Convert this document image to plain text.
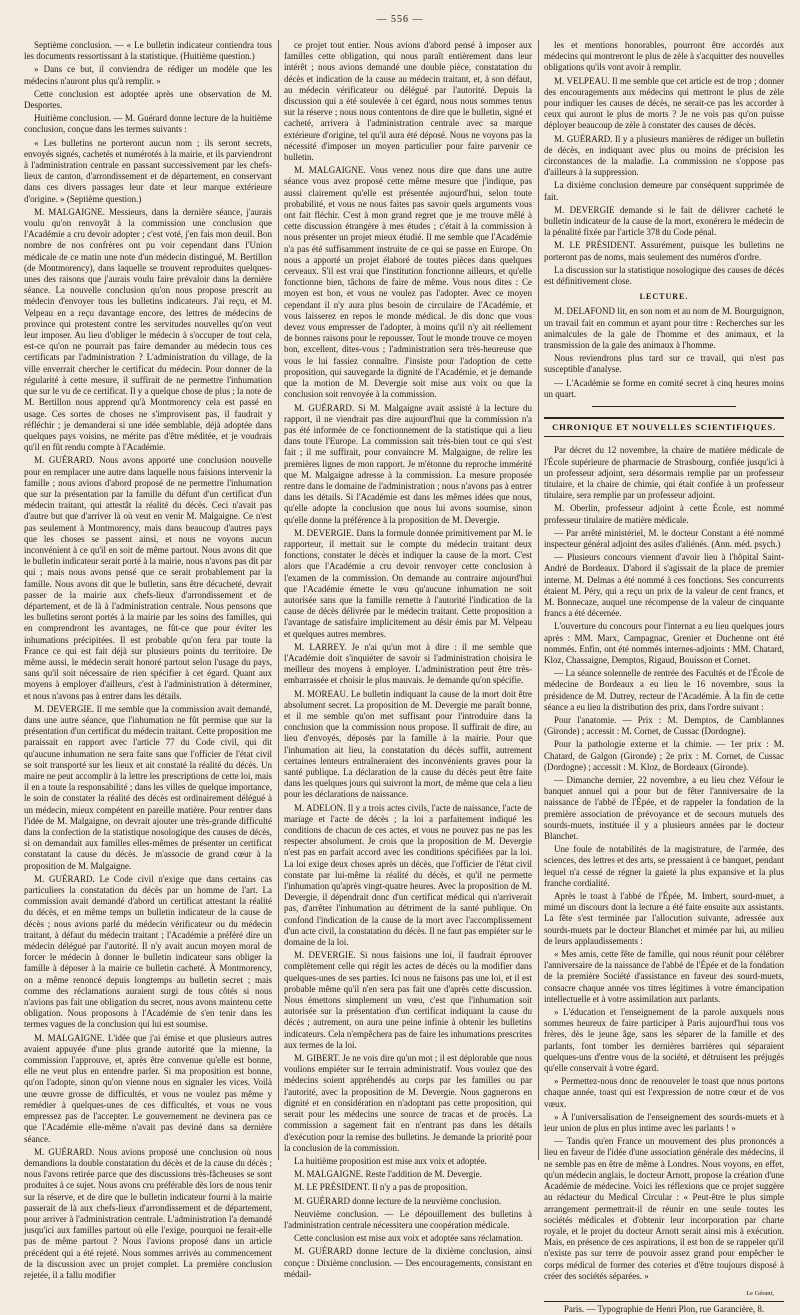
— 556 —

Septième conclusion. — « Le bulletin indicateur contiendra tous les documents ressortissant à la statistique. (Huitième question.)

» Dans ce but, il conviendra de rédiger un modèle que les médecins n'auront plus qu'à remplir. »

Cette conclusion est adoptée après une observation de M. Desportes.

Huitième conclusion. — M. Guérard donne lecture de la huitième conclusion, conçue dans les termes suivants :

« Les bulletins ne porteront aucun nom ; ils seront secrets, envoyés signés, cachetés et numérotés à la mairie, et ils parviendront à l'administration centrale en passant successivement par les chefs-lieux de canton, d'arrondissement et de département, en conservant dans ces divers passages leur date et leur marque extérieure d'origine. » (Septième question.)

M. MALGAIGNE. Messieurs, dans la dernière séance, j'aurais voulu qu'on renvoyât à la commission une conclusion que l'Académie a cru devoir adopter ; c'est voté, j'en fais mon deuil. Bon nombre de nos confrères ont pu voir cependant dans l'Union médicale de ce matin une note d'un médecin distingué, M. Bertillon (de Montmorency), dans laquelle se trouvent reproduites quelques-unes des raisons que j'aurais voulu faire prévaloir dans la dernière séance. La nouvelle conclusion qu'on nous propose prescrit au médecin d'envoyer tous les bulletins indicateurs. J'ai reçu, et M. Velpeau en a reçu davantage encore, des lettres de médecins de province qui protestent contre les servitudes nouvelles qu'on veut leur imposer. Au lieu d'obliger le médecin à s'occuper de tout cela, est-ce qu'on ne pourrait pas faire demander au médecin tous ces certificats par l'administration ? L'administration du village, de la ville enverrait chercher le certificat du médecin. Pour donner de la régularité à cette mesure, il suffirait de ne permettre l'inhumation que sur le vu de ce certificat. Il y a quelque chose de plus ; la note de M. Bertillon nous apprend qu'à Montmorency cela est passé en usage. Ces sortes de choses ne s'improvisent pas, il faudrait y réfléchir ; je demanderai si une idée semblable, déjà adoptée dans quelques pays voisins, ne mérite pas d'être méditée, et je voudrais qu'il en fût rendu compte à l'Académie.

M. GUÉRARD. Nous avons apporté une conclusion nouvelle pour en remplacer une autre dans laquelle nous faisions intervenir la famille ; nous avions d'abord proposé de ne permettre l'inhumation que sur la présentation par la famille du défunt d'un certificat d'un médecin traitant, qui attestât la réalité du décès. Ceci n'avait pas d'autre but que d'arriver là où veut en venir M. Malgaigne. Ce n'est pas seulement à Montmorency, mais dans beaucoup d'autres pays que les choses se passent ainsi, et nous ne voyons aucun inconvénient à ce qu'il en soit de même partout. Nous avons dit que le bulletin indicateur serait porté à la mairie, nous n'avons pas dit par qui ; mais nous avons pensé que ce serait probablement par la famille. Nous avons dit que le bulletin, sans être décacheté, devrait passer de la mairie aux chefs-lieux d'arrondissement et de département, et de là à l'administration centrale. Nous pensons que les bulletins seront portés à la mairie par les soins des familles, qui en comprendront les avantages, ne fût-ce que pour éviter les inhumations précipitées. Il est probable qu'on fera par toute la France ce qui est fait déjà sur plusieurs points du territoire. De même aussi, le médecin serait honoré partout selon l'usage du pays, sans qu'il soit nécessaire de rien spécifier à cet égard. Quant aux moyens à employer d'ailleurs, c'est à l'administration à déterminer, et nous n'avons pas à entrer dans les détails.

M. DEVERGIE. Il me semble que la commission avait demandé, dans une autre séance, que l'inhumation ne fût permise que sur la présentation d'un certificat du médecin traitant. Cette proposition me paraissait en rapport avec l'article 77 du Code civil, qui dit qu'aucune inhumation ne sera faite sans que l'officier de l'état civil se soit transporté sur les lieux et ait constaté la réalité du décès. Un maire ne peut accomplir à la lettre les prescriptions de cette loi, mais il en a toute la responsabilité ; dans les villes de quelque importance, le soin de constater la réalité des décès est ordinairement délégué à un médecin, mieux compétent en pareille matière. Pour rentrer dans l'idée de M. Malgaigne, on devrait ajouter une très-grande difficulté dans la confection de la statistique nosologique des causes de décès, si on demandait aux familles elles-mêmes de présenter un certificat constatant la cause du décès. Je m'associe de grand cœur à la proposition de M. Malgaigne.

M. GUÉRARD. Le Code civil n'exige que dans certains cas particuliers la constatation du décès par un homme de l'art. La commission avait demandé d'abord un certificat attestant la réalité du décès, et en même temps un bulletin indicateur de la cause de décès ; nous avions parlé du médecin vérificateur ou du médecin traitant, à défaut du médecin traitant ; l'Académie a préféré dire un médecin délégué par l'autorité. Il n'y avait aucun moyen moral de forcer le médecin à donner le bulletin indicateur sans obliger la famille à déposer à la mairie ce bulletin cacheté. À Montmorency, on a même renoncé depuis longtemps au bulletin secret ; mais comme des réclamations auraient surgi de tous côtés si nous n'avions pas fait une obligation du secret, nous avons maintenu cette obligation. Nous proposons à l'Académie de s'en tenir dans les termes vagues de la conclusion qui lui est soumise.

M. MALGAIGNE. L'idée que j'ai émise et que plusieurs autres avaient appuyée d'une plus grande autorité que la mienne, la commission l'approuve, et, après être convenue qu'elle est bonne, elle ne veut plus en entendre parler. Si ma proposition est bonne, qu'on l'adopte, sinon qu'on vienne nous en signaler les vices. Voilà une œuvre grosse de difficultés, et vous ne voulez pas même y remédier à quelques-unes de ces difficultés, et vous ne vous empressez pas de l'accepter. Le gouvernement ne devinera pas ce que l'Académie elle-même n'avait pas deviné dans sa dernière séance.

M. GUÉRARD. Nous avions proposé une conclusion où nous demandions la double constatation du décès et de la cause du décès ; nous l'avons retirée parce que des discussions très-fâcheuses se sont produites à ce sujet. Nous avons cru préférable dès lors de nous tenir sur la réserve, et de dire que le bulletin indicateur fourni à la mairie passerait de là aux chefs-lieux d'arrondissement et de département, pour arriver à l'administration centrale. L'administration l'a demandé jusqu'ici aux familles partout où elle l'exige, pourquoi ne ferait-elle pas de même partout ? Nous l'avions proposé dans un article précédent qui a été rejeté. Nous sommes arrivés au commencement de la discussion avec un projet complet. La première conclusion rejetée, il a fallu modifier

ce projet tout entier. Nous avions d'abord pensé à imposer aux familles cette obligation, qui nous paraît entièrement dans leur intérêt ; nous avions demandé une double pièce, constatation du décès et indication de la cause au médecin traitant, et, à son défaut, au médecin vérificateur ou délégué par l'autorité. Depuis la discussion qui a été soulevée à cet égard, nous nous sommes tenus sur la réserve ; nous nous contentons de dire que le bulletin, signé et cacheté, arrivera à l'administration centrale avec sa marque extérieure d'origine, tel qu'il aura été déposé. Nous ne voyons pas la nécessité d'imposer un moyen particulier pour faire parvenir ce bulletin.

M. MALGAIGNE. Vous venez nous dire que dans une autre séance vous avez proposé cette même mesure que j'indique, pas aussi clairement qu'elle est présentée aujourd'hui, selon toute probabilité, et vous ne nous faites pas savoir quels arguments vous ont fait fléchir. C'est à mon grand regret que je me trouve mêlé à cette discussion étrangère à mes études ; c'était à la commission à nous présenter un projet mieux étudié. Il me semble que l'Académie n'a pas été suffisamment instruite de ce qui se passe en Europe. On nous a apporté un projet élaboré de toutes pièces dans quelques cerveaux. S'il est vrai que l'institution fonctionne ailleurs, et qu'elle fonctionne bien, tâchons de faire de même. Vous nous dites : Ce moyen est bon, et vous ne voulez pas l'adopter. Avec ce moyen cependant il n'y aura plus besoin de circulaire de l'Académie, et vous laisserez en repos le monde médical. Je dis donc que vous devez vous empresser de l'adopter, à moins qu'il n'y ait réellement de bonnes raisons pour le repousser. Tout le monde trouve ce moyen bon, excellent, dites-vous ; l'administration sera très-heureuse que vous le lui fassiez connaître. J'insiste pour l'adoption de cette proposition, qui sauvegarde la dignité de l'Académie, et je demande que la motion de M. Devergie soit mise aux voix ou que la conclusion soit renvoyée à la commission.

M. GUÉRARD. Si M. Malgaigne avait assisté à la lecture du rapport, il ne viendrait pas dire aujourd'hui que la commission n'a pas été informée de ce fonctionnement de la statistique qui a lieu dans toute l'Europe. La commission sait très-bien tout ce qui s'est fait ; il me suffirait, pour convaincre M. Malgaigne, de relire les premières lignes de mon rapport. Je m'étonne du reproche immérité que M. Malgaigne adresse à la commission. La mesure proposée rentre dans le domaine de l'administration ; nous n'avons pas à entrer dans les détails. Si l'Académie est dans les mêmes idées que nous, qu'elle adopte la conclusion que nous lui avons soumise, sinon qu'elle donne la préférence à la proposition de M. Devergie.

M. DEVERGIE. Dans la formule donnée primitivement par M. le rapporteur, il mettait sur le compte du médecin traitant deux fonctions, constater le décès et indiquer la cause de la mort. C'est alors que l'Académie a cru devoir renvoyer cette conclusion à l'examen de la commission. On demande au contraire aujourd'hui que l'Académie émette le vœu qu'aucune inhumation ne soit autorisée sans que la famille remette à l'autorité l'indication de la cause de décès délivrée par le médecin traitant. Cette proposition a l'avantage de satisfaire implicitement au désir émis par M. Velpeau et quelques autres membres.

M. LARREY. Je n'ai qu'un mot à dire : il me semble que l'Académie doit s'inquiéter de savoir si l'administration choisira le meilleur des moyens à employer. L'administration peut être très-embarrassée et choisir le plus mauvais. Je demande qu'on spécifie.

M. MOREAU. Le bulletin indiquant la cause de la mort doit être absolument secret. La proposition de M. Devergie me paraît bonne, et il me semble qu'on met suffisant pour l'introduire dans la conclusion que la commission nous propose. Il suffirait de dire, au lieu d'envoyés, déposés par la famille à la mairie. Pour que l'inhumation ait lieu, la constatation du décès suffit, autrement certaines lenteurs entraîneraient des inconvénients graves pour la santé publique. La déclaration de la cause du décès peut être faite dans les quelques jours qui suivront la mort, de même que cela a lieu pour les déclarations de naissance.

M. ADELON. Il y a trois actes civils, l'acte de naissance, l'acte de mariage et l'acte de décès ; la loi a parfaitement indiqué les conditions de chacun de ces actes, et vous ne pouvez pas ne pas les respecter absolument. Je crois que la proposition de M. Devergie n'est pas en parfait accord avec les conditions spécifiées par la loi. La loi exige deux choses après un décès, que l'officier de l'état civil constate par lui-même la réalité du décès, et qu'il ne permette l'inhumation qu'après vingt-quatre heures. Avec la proposition de M. Devergie, il dépendrait donc d'un certificat médical qui n'arriverait pas, d'arrêter l'inhumation au détriment de la santé publique. On confond l'indication de la cause de la mort avec l'accomplissement d'un acte civil, la constatation du décès. Il ne faut pas empiéter sur le domaine de la loi.

M. DEVERGIE. Si nous faisions une loi, il faudrait éprouver complètement celle qui régit les actes de décès ou la modifier dans quelques-unes de ses parties. Ici nous ne faisons pas une loi, et il est probable même qu'il n'en sera pas fait une d'après cette discussion. Nous émettons simplement un vœu, c'est que l'inhumation soit autorisée sur la présentation d'un certificat indiquant la cause du décès ; autrement, on aura une peine infinie à obtenir les bulletins indicateurs. Cela n'empêchera pas de faire les inhumations prescrites aux termes de la loi.

M. GIBERT. Je ne vois dire qu'un mot ; il est déplorable que nous voulions empiéter sur le terrain administratif. Vous voulez que des médecins soient appréhendés au corps par les familles ou par l'autorité, avec la proposition de M. Devergie. Nous gagnerons en dignité et en considération en n'adoptant pas cette proposition, qui serait pour les médecins une source de tracas et de procès. La commission a sagement fait en n'entrant pas dans les détails d'exécution pour la remise des bulletins. Je demande la priorité pour la conclusion de la commission.

La huitième proposition est mise aux voix et adoptée.

M. MALGAIGNE. Reste l'addition de M. Devergie.

M. LE PRÉSIDENT. Il n'y a pas de proposition.

M. GUÉRARD donne lecture de la neuvième conclusion.

Neuvième conclusion. — Le dépouillement des bulletins à l'administration centrale nécessitera une coopération médicale.

Cette conclusion est mise aux voix et adoptée sans réclamation.

M. GUÉRARD donne lecture de la dixième conclusion, ainsi conçue : Dixième conclusion. — Des encouragements, consistant en médail-

les et mentions honorables, pourront être accordés aux médecins qui montreront le plus de zèle à s'acquitter des nouvelles obligations qu'ils vont avoir à remplir.

M. VELPEAU. Il me semble que cet article est de trop ; donner des encouragements aux médecins qui mettront le plus de zèle pour indiquer les causes de décès, ne serait-ce pas les accorder à ceux qui auront le plus de morts ? Je ne vois pas qu'on puisse déployer beaucoup de zèle à constater des causes de décès.

M. GUÉRARD. Il y a plusieurs manières de rédiger un bulletin de décès, en indiquant avec plus ou moins de précision les circonstances de la maladie. La commission ne s'oppose pas d'ailleurs à la suppression.

La dixième conclusion demeure par conséquent supprimée de fait.

M. DEVERGIE demande si le fait de délivrer cacheté le bulletin indicateur de la cause de la mort, exonérera le médecin de la pénalité fixée par l'article 378 du Code pénal.

M. LE PRÉSIDENT. Assurément, puisque les bulletins ne porteront pas de noms, mais seulement des numéros d'ordre.

La discussion sur la statistique nosologique des causes de décès est définitivement close.

LECTURE.

M. DELAFOND lit, en son nom et au nom de M. Bourguignon, un travail fait en commun et ayant pour titre : Recherches sur les animalcules de la gale de l'homme et des animaux, et la transmission de la gale des animaux à l'homme.

Nous reviendrons plus tard sur ce travail, qui n'est pas susceptible d'analyse.

— L'Académie se forme en comité secret à cinq heures moins un quart.

CHRONIQUE ET NOUVELLES SCIENTIFIQUES.

Par décret du 12 novembre, la chaire de matière médicale de l'École supérieure de pharmacie de Strasbourg, confiée jusqu'ici à un professeur adjoint, sera désormais remplie par un professeur titulaire, et la chaire de chimie, qui était confiée à un professeur titulaire, sera remplie par un professeur adjoint.

M. Oberlin, professeur adjoint à cette École, est nommé professeur titulaire de matière médicale.

— Par arrêté ministériel, M. le docteur Constant a été nommé inspecteur général adjoint des asiles d'aliénés. (Ann. méd. psych.)

— Plusieurs concours viennent d'avoir lieu à l'hôpital Saint-André de Bordeaux. D'abord il s'agissait de la place de premier interne. M. Delmas a été nommé à ces fonctions. Ses concurrents étaient M. Péry, qui a reçu un prix de la valeur de cent francs, et M. Bonnecaze, auquel une récompense de la valeur de cinquante francs a été décernée.

L'ouverture du concours pour l'internat a eu lieu quelques jours après : MM. Marx, Campagnac, Grenier et Duchenne ont été nommés. Enfin, ont été nommés internes-adjoints : MM. Chatard, Kloz, Chassaigne, Demptos, Rigaud, Bouisson et Cornet.

— La séance solennelle de rentrée des Facultés et de l'École de médecine de Bordeaux a eu lieu le 16 novembre, sous la présidence de M. Dutrey, recteur de l'Académie. À la fin de cette séance a eu lieu la distribution des prix, dans l'ordre suivant :

Pour l'anatomie. — Prix : M. Demptos, de Camblannes (Gironde) ; accessit : M. Cornet, de Cussac (Dordogne).

Pour la pathologie externe et la chimie. — 1er prix : M. Chatard, de Galgon (Gironde) ; 2e prix : M. Cornet, de Cussac (Dordogne) ; accessit : M. Kloz, de Bordeaux (Gironde).

— Dimanche dernier, 22 novembre, a eu lieu chez Véfour le banquet annuel qui a pour but de fêter l'anniversaire de la naissance de l'abbé de l'Épée, et de rappeler la fondation de la première association de prévoyance et de secours mutuels des sourds-muets, instituée il y a plusieurs années par le docteur Blanchet.

Une foule de notabilités de la magistrature, de l'armée, des sciences, des lettres et des arts, se pressaient à ce banquet, pendant lequel n'a cessé de régner la gaieté la plus expansive et la plus franche cordialité.

Après le toast à l'abbé de l'Épée, M. Imbert, sourd-muet, a mimé un discours dont la lecture a été faite ensuite aux assistants. La fête s'est terminée par l'allocution suivante, adressée aux sourds-muets par le docteur Blanchet et mimée par lui, au milieu de leurs applaudissements :

« Mes amis, cette fête de famille, qui nous réunit pour célébrer l'anniversaire de la naissance de l'abbé de l'Épée et de la fondation de la première Société d'assistance en faveur des sourd-muets, consacre chaque année vos titres légitimes à votre émancipation intellectuelle et à votre assimilation aux parlants.

» L'éducation et l'enseignement de la parole auxquels nous sommes heureux de faire participer à Paris aujourd'hui tous vos frères, dès le jeune âge, sans les séparer de la famille et des parlants, font tomber les dernières barrières qui séparaient quelques-uns d'entre vous de la société, et détruisent les préjugés qu'elle conservait à votre égard.

» Permettez-nous donc de renouveler le toast que nous portons chaque année, toast qui est l'expression de notre cœur et de vos vœux.

» À l'universalisation de l'enseignement des sourds-muets et à leur union de plus en plus intime avec les parlants ! »

— Tandis qu'en France un mouvement des plus prononcés a lieu en faveur de l'idée d'une association générale des médecins, il ne semble pas en être de même à Londres. Nous voyons, en effet, qu'un médecin anglais, le docteur Arnott, propose la création d'une Académie de médecine. Voici les réflexions que ce projet suggère au rédacteur du Medical Circular : « Peut-être le plus simple arrangement permettrait-il de réunir en une seule toutes les sociétés médicales et d'obtenir leur incorporation par charte royale, et le projet du docteur Arnott serait ainsi mis à exécution. Mais, en présence de ces aspirations, il est bon de se rappeler qu'il n'existe pas sur terre de pouvoir assez grand pour empêcher le corps médical de former des coteries et d'être toujours disposé à créer des sociétés séparées. »

Le Gérant,
Paris. — Typographie de Henri Plon, rue Garancière, 8.
